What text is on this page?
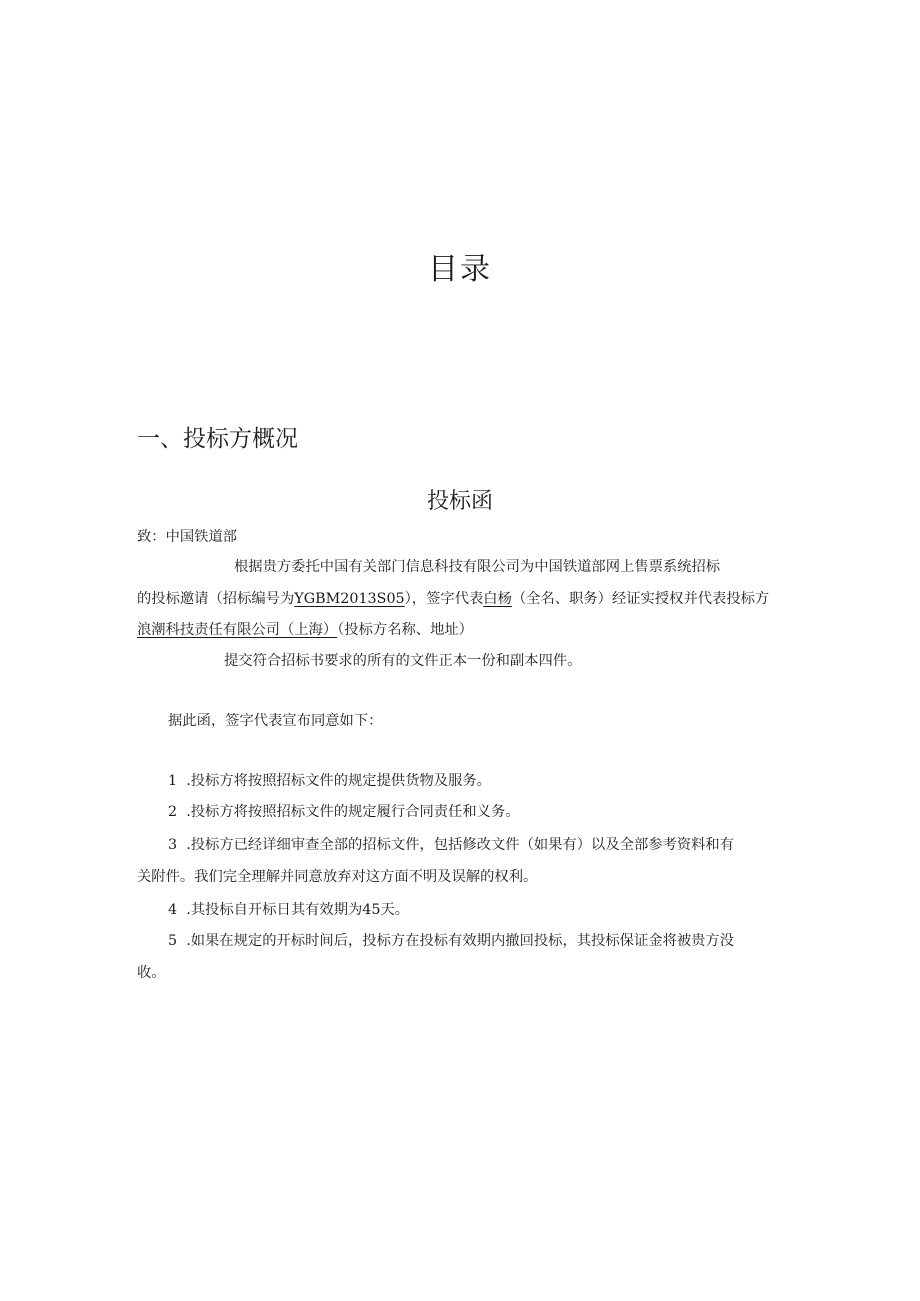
目录
一、投标方概况
投标函
致：中国铁道部
根据贵方委托中国有关部门信息科技有限公司为中国铁道部网上售票系统招标
的投标邀请（招标编号为YGBM2013S05），签字代表白杨（全名、职务）经证实授权并代表投标方
浪潮科技责任有限公司（上海）（投标方名称、地址）
提交符合招标书要求的所有的文件正本一份和副本四件。
据此函，签字代表宣布同意如下：
1 .投标方将按照招标文件的规定提供货物及服务。
2 .投标方将按照招标文件的规定履行合同责任和义务。
3 .投标方已经详细审查全部的招标文件，包括修改文件（如果有）以及全部参考资料和有
关附件。我们完全理解并同意放弃对这方面不明及误解的权利。
4 .其投标自开标日其有效期为45天。
5 .如果在规定的开标时间后，投标方在投标有效期内撤回投标，其投标保证金将被贵方没
收。
